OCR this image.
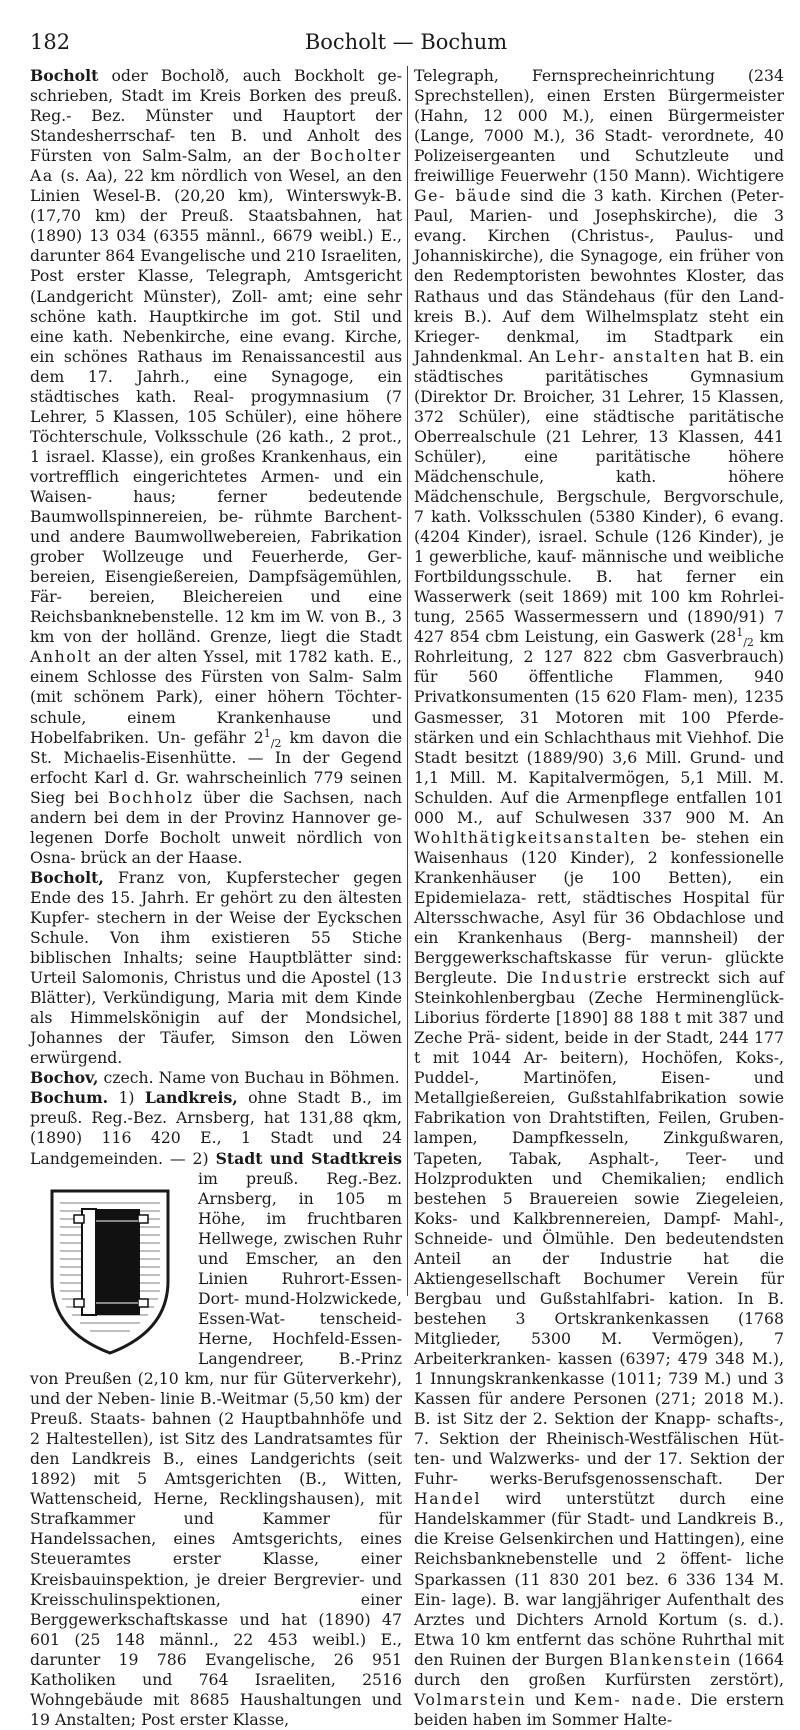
182	Bocholt — Bochum

Bocholt oder Bocholð, auch Bockholt ge- schrieben, Stadt im Kreis Borken des preuß. Reg.- Bez. Münster und Hauptort der Standesherrschaf- ten B. und Anholt des Fürsten von Salm-Salm, an der Bocholter Aa (s. Aa), 22 km nördlich von Wesel, an den Linien Wesel-B. (20,20 km), Winterswyk-B. (17,70 km) der Preuß. Staatsbahnen, hat (1890) 13 034 (6355 männl., 6679 weibl.) E., darunter 864 Evangelische und 210 Israeliten, Post erster Klasse, Telegraph, Amtsgericht (Landgericht Münster), Zoll- amt; eine sehr schöne kath. Hauptkirche im got. Stil und eine kath. Nebenkirche, eine evang. Kirche, ein schönes Rathaus im Renaissancestil aus dem 17. Jahrh., eine Synagoge, ein städtisches kath. Real- progymnasium (7 Lehrer, 5 Klassen, 105 Schüler), eine höhere Töchterschule, Volksschule (26 kath., 2 prot., 1 israel. Klasse), ein großes Krankenhaus, ein vortrefflich eingerichtetes Armen- und ein Waisen- haus; ferner bedeutende Baumwollspinnereien, be- rühmte Barchent- und andere Baumwollwebereien, Fabrikation grober Wollzeuge und Feuerherde, Ger- bereien, Eisengießereien, Dampfsägemühlen, Fär- bereien, Bleichereien und eine Reichsbanknebenstelle. 12 km im W. von B., 3 km von der holländ. Grenze, liegt die Stadt Anholt an der alten Yssel, mit 1782 kath. E., einem Schlosse des Fürsten von Salm- Salm (mit schönem Park), einer höhern Töchter- schule, einem Krankenhause und Hobelfabriken. Un- gefähr $2^1_{/2}$ km davon die St. Michaelis-Eisenhütte. — In der Gegend erfocht Karl d. Gr. wahrscheinlich 779 seinen Sieg bei Bochholz über die Sachsen, nach andern bei dem in der Provinz Hannover ge- legenen Dorfe Bocholt unweit nördlich von Osna- brück an der Haase.

Bocholt, Franz von, Kupferstecher gegen Ende des 15. Jahrh. Er gehört zu den ältesten Kupfer- stechern in der Weise der Eyckschen Schule. Von ihm existieren 55 Stiche biblischen Inhalts; seine Hauptblätter sind: Urteil Salomonis, Christus und die Apostel (13 Blätter), Verkündigung, Maria mit dem Kinde als Himmelskönigin auf der Mondsichel, Johannes der Täufer, Simson den Löwen erwürgend.

Bochov, czech. Name von Buchau in Böhmen.

Bochum. 1) Landkreis, ohne Stadt B., im preuß. Reg.-Bez. Arnsberg, hat 131,88 qkm, (1890) 116 420 E., 1 Stadt und 24 Landgemeinden. — 2) Stadt und Stadtkreis
im preuß. Reg.-Bez. Arnsberg, in 105 m Höhe, im fruchtbaren Hellwege, zwischen Ruhr und Emscher, an den Linien Ruhrort-Essen-Dort- mund-Holzwickede, Essen-Wat- tenscheid-Herne, Hochfeld-Essen- Langendreer, B.-Prinz von Preußen (2,10 km, nur für Güterverkehr), und der Neben- linie B.-Weitmar (5,50 km) der Preuß. Staats- bahnen (2 Hauptbahnhöfe und 2 Haltestellen), ist Sitz des Landratsamtes für den Landkreis B., eines Landgerichts (seit 1892) mit 5 Amtsgerichten (B., Witten, Wattenscheid, Herne, Recklingshausen), mit Strafkammer und Kammer für Handelssachen, eines Amtsgerichts, eines Steueramtes erster Klasse, einer Kreisbauinspektion, je dreier Bergrevier- und Kreisschulinspektionen, einer Berggewerkschaftskasse und hat (1890) 47 601 (25 148 männl., 22 453 weibl.) E., darunter 19 786 Evangelische, 26 951 Katholiken und 764 Israeliten, 2516 Wohngebäude mit 8685 Haushaltungen und 19 Anstalten; Post erster Klasse,

Telegraph, Fernsprecheinrichtung (234 Sprechstellen), einen Ersten Bürgermeister (Hahn, 12 000 M.), einen Bürgermeister (Lange, 7000 M.), 36 Stadt- verordnete, 40 Polizeisergeanten und Schutzleute und freiwillige Feuerwehr (150 Mann). Wichtigere Ge- bäude sind die 3 kath. Kirchen (Peter-Paul, Marien- und Josephskirche), die 3 evang. Kirchen (Christus-, Paulus- und Johanniskirche), die Synagoge, ein früher von den Redemptoristen bewohntes Kloster, das Rathaus und das Ständehaus (für den Land- kreis B.). Auf dem Wilhelmsplatz steht ein Krieger- denkmal, im Stadtpark ein Jahndenkmal. An Lehr- anstalten hat B. ein städtisches paritätisches Gymnasium (Direktor Dr. Broicher, 31 Lehrer, 15 Klassen, 372 Schüler), eine städtische paritätische Oberrealschule (21 Lehrer, 13 Klassen, 441 Schüler), eine paritätische höhere Mädchenschule, kath. höhere Mädchenschule, Bergschule, Bergvorschule, 7 kath. Volksschulen (5380 Kinder), 6 evang. (4204 Kinder), israel. Schule (126 Kinder), je 1 gewerbliche, kauf- männische und weibliche Fortbildungsschule. B. hat ferner ein Wasserwerk (seit 1869) mit 100 km Rohrlei- tung, 2565 Wassermessern und (1890/91) 7 427 854 cbm Leistung, ein Gaswerk ($28^1_{/2}$ km Rohrleitung, 2 127 822 cbm Gasverbrauch) für 560 öffentliche Flammen, 940 Privatkonsumenten (15 620 Flam- men), 1235 Gasmesser, 31 Motoren mit 100 Pferde- stärken und ein Schlachthaus mit Viehhof. Die Stadt besitzt (1889/90) 3,6 Mill. Grund- und 1,1 Mill. M. Kapitalvermögen, 5,1 Mill. M. Schulden. Auf die Armenpflege entfallen 101 000 M., auf Schulwesen 337 900 M. An Wohlthätigkeitsanstalten be- stehen ein Waisenhaus (120 Kinder), 2 konfessionelle Krankenhäuser (je 100 Betten), ein Epidemielaza- rett, städtisches Hospital für Altersschwache, Asyl für 36 Obdachlose und ein Krankenhaus (Berg- mannsheil) der Berggewerkschaftskasse für verun- glückte Bergleute. Die Industrie erstreckt sich auf Steinkohlenbergbau (Zeche Herminenglück-Liborius förderte [1890] 88 188 t mit 387 und Zeche Prä- sident, beide in der Stadt, 244 177 t mit 1044 Ar- beitern), Hochöfen, Koks-, Puddel-, Martinöfen, Eisen- und Metallgießereien, Gußstahlfabrikation sowie Fabrikation von Drahtstiften, Feilen, Gruben- lampen, Dampfkesseln, Zinkgußwaren, Tapeten, Tabak, Asphalt-, Teer- und Holzprodukten und Chemikalien; endlich bestehen 5 Brauereien sowie Ziegeleien, Koks- und Kalkbrennereien, Dampf- Mahl-, Schneide- und Ölmühle. Den bedeutendsten Anteil an der Industrie hat die Aktiengesellschaft Bochumer Verein für Bergbau und Gußstahlfabri- kation. In B. bestehen 3 Ortskrankenkassen (1768 Mitglieder, 5300 M. Vermögen), 7 Arbeiterkranken- kassen (6397; 479 348 M.), 1 Innungskrankenkasse (1011; 739 M.) und 3 Kassen für andere Personen (271; 2018 M.). B. ist Sitz der 2. Sektion der Knapp- schafts-, 7. Sektion der Rheinisch-Westfälischen Hüt- ten- und Walzwerks- und der 17. Sektion der Fuhr- werks-Berufsgenossenschaft. Der Handel wird unterstützt durch eine Handelskammer (für Stadt- und Landkreis B., die Kreise Gelsenkirchen und Hattingen), eine Reichsbanknebenstelle und 2 öffent- liche Sparkassen (11 830 201 bez. 6 336 134 M. Ein- lage). B. war langjähriger Aufenthalt des Arztes und Dichters Arnold Kortum (s. d.). Etwa 10 km entfernt das schöne Ruhrthal mit den Ruinen der Burgen Blankenstein (1664 durch den großen Kurfürsten zerstört), Volmarstein und Kem- nade. Die erstern beiden haben im Sommer Halte-
